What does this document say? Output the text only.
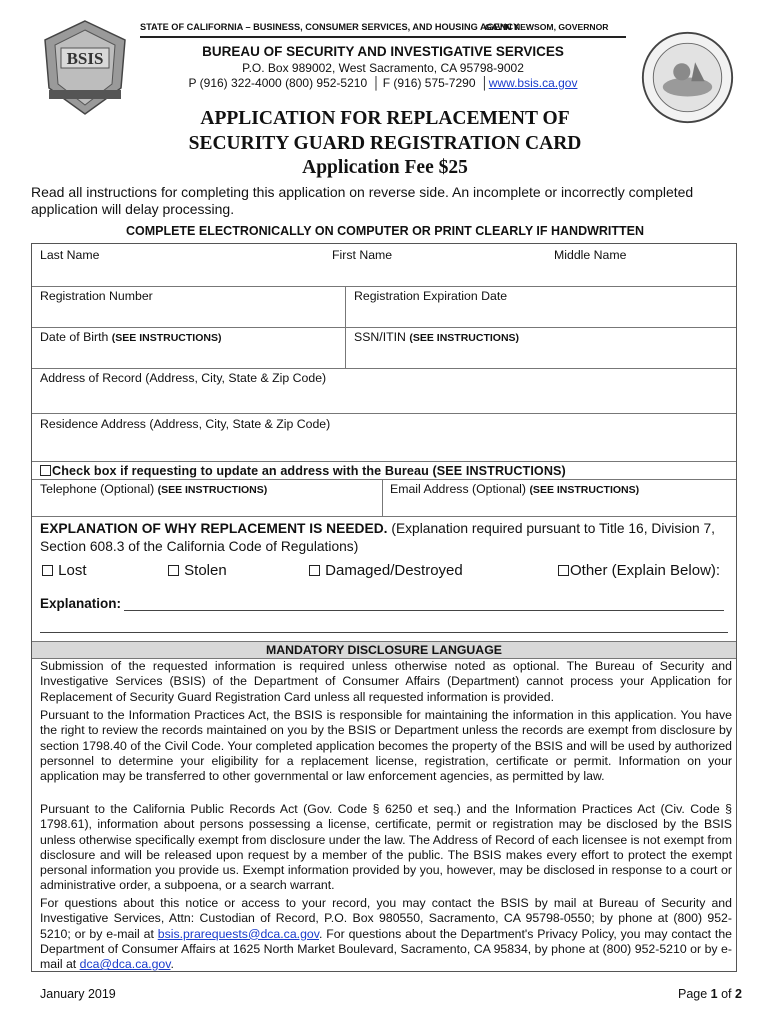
BSIS
STATE OF CALIFORNIA – BUSINESS, CONSUMER SERVICES, AND HOUSING AGENCY
GAVIN NEWSOM, GOVERNOR
BUREAU OF SECURITY AND INVESTIGATIVE SERVICES
P.O. Box 989002, West Sacramento, CA 95798-9002
P (916) 322-4000 (800) 952-5210  │ F (916) 575-7290  │www.bsis.ca.gov
APPLICATION FOR REPLACEMENT OF
SECURITY GUARD REGISTRATION CARD
Application Fee $25
Read all instructions for completing this application on reverse side. An incomplete or incorrectly completed application will delay processing.
COMPLETE ELECTRONICALLY ON COMPUTER OR PRINT CLEARLY IF HANDWRITTEN
Last Name	First Name	Middle Name
Registration Number	Registration Expiration Date
Date of Birth (SEE INSTRUCTIONS)	SSN/ITIN (SEE INSTRUCTIONS)
Address of Record (Address, City, State & Zip Code)
Residence Address (Address, City, State & Zip Code)
Check box if requesting to update an address with the Bureau (SEE INSTRUCTIONS)
Telephone (Optional) (SEE INSTRUCTIONS)	Email Address (Optional) (SEE INSTRUCTIONS)
EXPLANATION OF WHY REPLACEMENT IS NEEDED. (Explanation required pursuant to Title 16, Division 7, Section 608.3 of the California Code of Regulations)
Lost	Stolen	Damaged/Destroyed	Other (Explain Below):
Explanation:
MANDATORY DISCLOSURE LANGUAGE
Submission of the requested information is required unless otherwise noted as optional. The Bureau of Security and Investigative Services (BSIS) of the Department of Consumer Affairs (Department) cannot process your Application for Replacement of Security Guard Registration Card unless all requested information is provided.
Pursuant to the Information Practices Act, the BSIS is responsible for maintaining the information in this application. You have the right to review the records maintained on you by the BSIS or Department unless the records are exempt from disclosure by section 1798.40 of the Civil Code. Your completed application becomes the property of the BSIS and will be used by authorized personnel to determine your eligibility for a replacement license, registration, certificate or permit. Information on your application may be transferred to other governmental or law enforcement agencies, as permitted by law.
Pursuant to the California Public Records Act (Gov. Code § 6250 et seq.) and the Information Practices Act (Civ. Code § 1798.61), information about persons possessing a license, certificate, permit or registration may be disclosed by the BSIS unless otherwise specifically exempt from disclosure under the law. The Address of Record of each licensee is not exempt from disclosure and will be released upon request by a member of the public. The BSIS makes every effort to protect the exempt personal information you provide us. Exempt information provided by you, however, may be disclosed in response to a court or administrative order, a subpoena, or a search warrant.
For questions about this notice or access to your record, you may contact the BSIS by mail at Bureau of Security and Investigative Services, Attn: Custodian of Record, P.O. Box 980550, Sacramento, CA 95798-0550; by phone at (800) 952-5210; or by e-mail at bsis.prarequests@dca.ca.gov. For questions about the Department's Privacy Policy, you may contact the Department of Consumer Affairs at 1625 North Market Boulevard, Sacramento, CA 95834, by phone at (800) 952-5210 or by e-mail at dca@dca.ca.gov.
January 2019	Page 1 of 2
